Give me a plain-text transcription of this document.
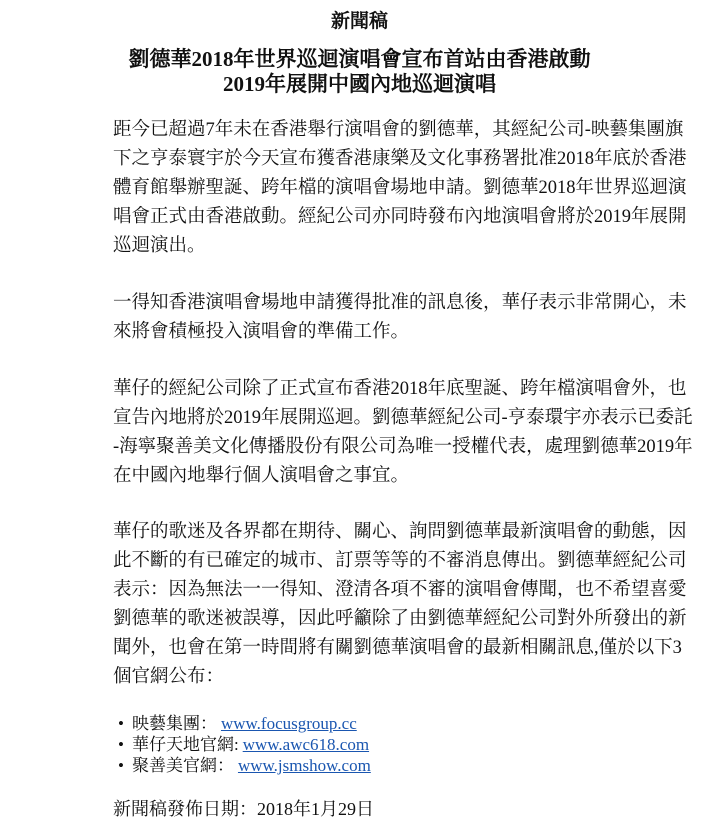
新聞稿
劉德華2018年世界巡迴演唱會宣布首站由香港啟動
2019年展開中國內地巡迴演唱
距今已超過7年未在香港舉行演唱會的劉德華，其經紀公司-映藝集團旗
下之亨泰寰宇於今天宣布獲香港康樂及文化事務署批准2018年底於香港
體育館舉辦聖誕、跨年檔的演唱會場地申請。劉德華2018年世界巡迴演
唱會正式由香港啟動。經紀公司亦同時發布內地演唱會將於2019年展開
巡迴演出。
一得知香港演唱會場地申請獲得批准的訊息後，華仔表示非常開心，未
來將會積極投入演唱會的準備工作。
華仔的經紀公司除了正式宣布香港2018年底聖誕、跨年檔演唱會外，也
宣告內地將於2019年展開巡迴。劉德華經紀公司-亨泰環宇亦表示已委託
-海寧聚善美文化傳播股份有限公司為唯一授權代表，處理劉德華2019年
在中國內地舉行個人演唱會之事宜。
華仔的歌迷及各界都在期待、關心、詢問劉德華最新演唱會的動態，因
此不斷的有已確定的城市、訂票等等的不審消息傳出。劉德華經紀公司
表示：因為無法一一得知、澄清各項不審的演唱會傳聞，也不希望喜愛
劉德華的歌迷被誤導，因此呼籲除了由劉德華經紀公司對外所發出的新
聞外，也會在第一時間將有關劉德華演唱會的最新相關訊息,僅於以下3
個官網公布：
• 映藝集團： www.focusgroup.cc
• 華仔天地官網: www.awc618.com
• 聚善美官網： www.jsmshow.com
新聞稿發佈日期：2018年1月29日
